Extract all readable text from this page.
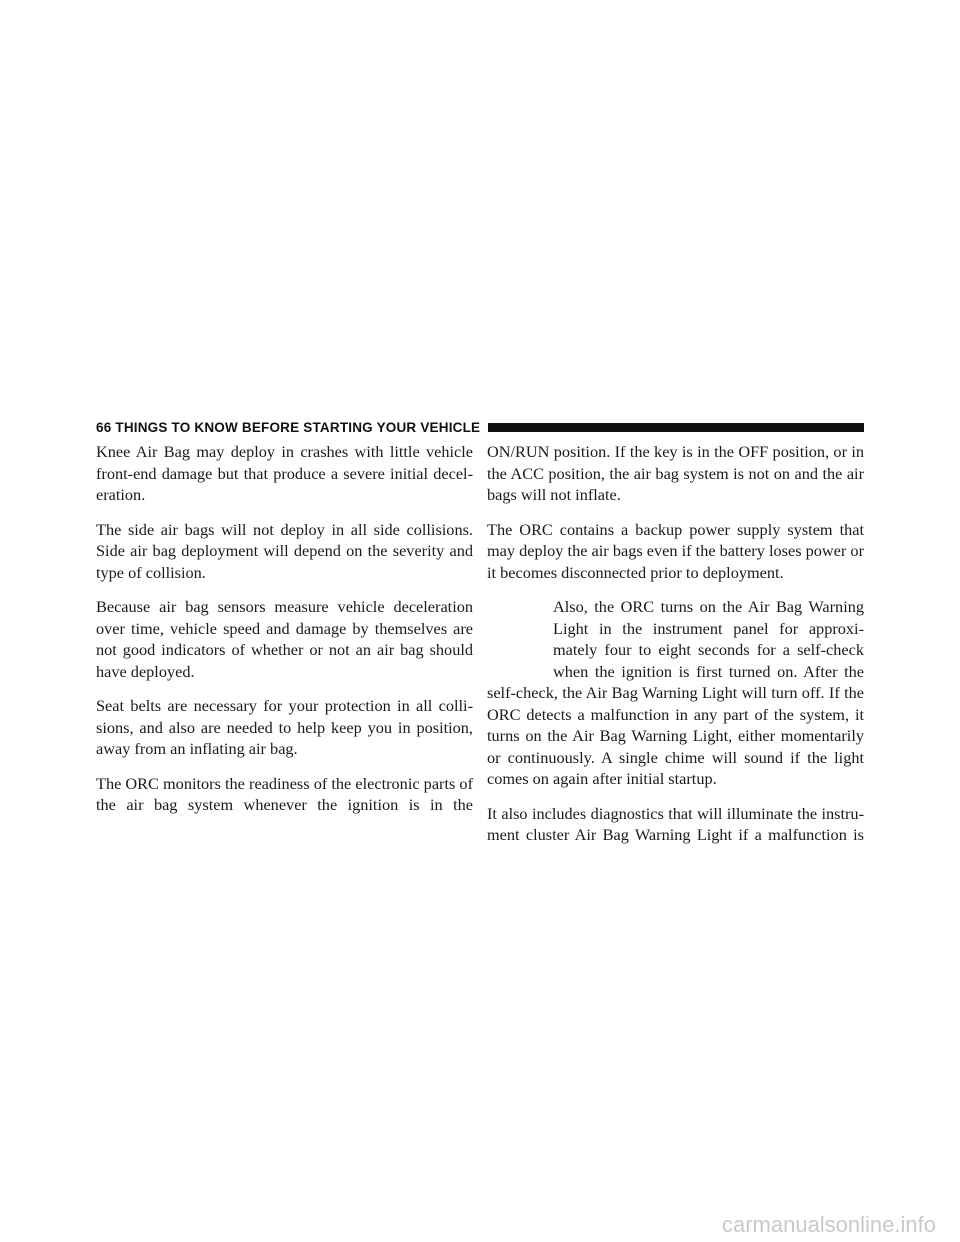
66 THINGS TO KNOW BEFORE STARTING YOUR VEHICLE

Knee Air Bag may deploy in crashes with little vehicle front-end damage but that produce a severe initial decel-eration.

The side air bags will not deploy in all side collisions. Side air bag deployment will depend on the severity and type of collision.

Because air bag sensors measure vehicle deceleration over time, vehicle speed and damage by themselves are not good indicators of whether or not an air bag should have deployed.

Seat belts are necessary for your protection in all colli-sions, and also are needed to help keep you in position, away from an inflating air bag.

The ORC monitors the readiness of the electronic parts of the air bag system whenever the ignition is in the

ON/RUN position. If the key is in the OFF position, or in the ACC position, the air bag system is not on and the air bags will not inflate.

The ORC contains a backup power supply system that may deploy the air bags even if the battery loses power or it becomes disconnected prior to deployment.

Also, the ORC turns on the Air Bag Warning Light in the instrument panel for approxi-mately four to eight seconds for a self-check when the ignition is first turned on. After the self-check, the Air Bag Warning Light will turn off. If the ORC detects a malfunction in any part of the system, it turns on the Air Bag Warning Light, either momentarily or continuously. A single chime will sound if the light comes on again after initial startup.

It also includes diagnostics that will illuminate the instru-ment cluster Air Bag Warning Light if a malfunction is

carmanualsonline.info
